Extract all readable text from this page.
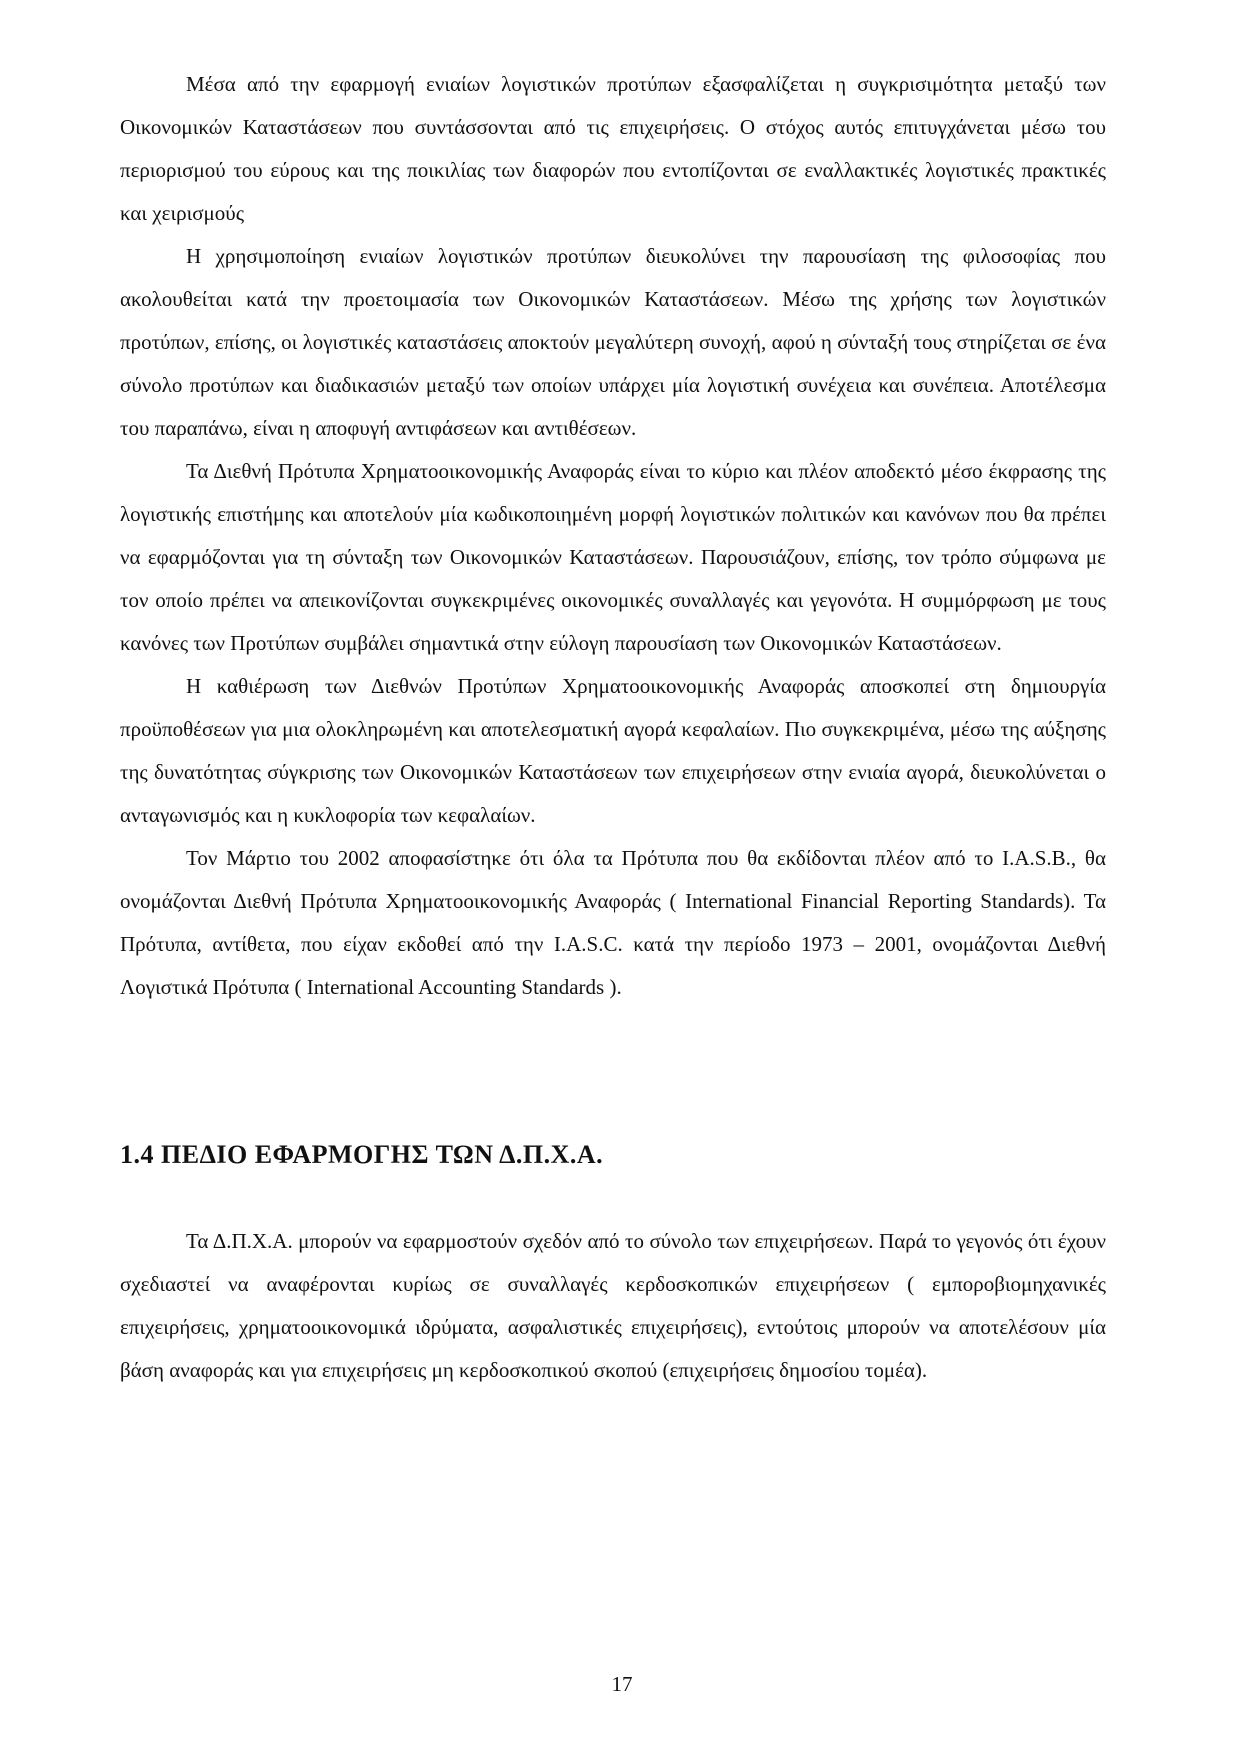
Μέσα από την εφαρμογή ενιαίων λογιστικών προτύπων εξασφαλίζεται η συγκρισιμότητα μεταξύ των Οικονομικών Καταστάσεων που συντάσσονται από τις επιχειρήσεις. Ο στόχος αυτός επιτυγχάνεται μέσω του περιορισμού του εύρους και της ποικιλίας των διαφορών που εντοπίζονται σε εναλλακτικές λογιστικές πρακτικές και χειρισμούς

Η χρησιμοποίηση ενιαίων λογιστικών προτύπων διευκολύνει την παρουσίαση της φιλοσοφίας που ακολουθείται κατά την προετοιμασία των Οικονομικών Καταστάσεων. Μέσω της χρήσης των λογιστικών προτύπων, επίσης, οι λογιστικές καταστάσεις αποκτούν μεγαλύτερη συνοχή, αφού η σύνταξή τους στηρίζεται σε ένα σύνολο προτύπων και διαδικασιών μεταξύ των οποίων υπάρχει μία λογιστική συνέχεια και συνέπεια. Αποτέλεσμα του παραπάνω, είναι η αποφυγή αντιφάσεων και αντιθέσεων.

Τα Διεθνή Πρότυπα Χρηματοοικονομικής Αναφοράς είναι το κύριο και πλέον αποδεκτό μέσο έκφρασης της λογιστικής επιστήμης και αποτελούν μία κωδικοποιημένη μορφή λογιστικών πολιτικών και κανόνων που θα πρέπει να εφαρμόζονται για τη σύνταξη των Οικονομικών Καταστάσεων. Παρουσιάζουν, επίσης, τον τρόπο σύμφωνα με τον οποίο πρέπει να απεικονίζονται συγκεκριμένες οικονομικές συναλλαγές και γεγονότα. Η συμμόρφωση με τους κανόνες των Προτύπων συμβάλει σημαντικά στην εύλογη παρουσίαση των Οικονομικών Καταστάσεων.

Η καθιέρωση των Διεθνών Προτύπων Χρηματοοικονομικής Αναφοράς αποσκοπεί στη δημιουργία προϋποθέσεων για μια ολοκληρωμένη και αποτελεσματική αγορά κεφαλαίων. Πιο συγκεκριμένα, μέσω της αύξησης της δυνατότητας σύγκρισης των Οικονομικών Καταστάσεων των επιχειρήσεων στην ενιαία αγορά, διευκολύνεται ο ανταγωνισμός και η κυκλοφορία των κεφαλαίων.

Τον Μάρτιο του 2002 αποφασίστηκε ότι όλα τα Πρότυπα που θα εκδίδονται πλέον από το I.A.S.B., θα ονομάζονται Διεθνή Πρότυπα Χρηματοοικονομικής Αναφοράς ( International Financial Reporting Standards). Τα Πρότυπα, αντίθετα, που είχαν εκδοθεί από την I.A.S.C. κατά την περίοδο 1973 – 2001, ονομάζονται Διεθνή Λογιστικά Πρότυπα ( International Accounting Standards ).

1.4 ΠΕΔΙΟ ΕΦΑΡΜΟΓΗΣ ΤΩΝ Δ.Π.Χ.Α.

Τα Δ.Π.Χ.Α. μπορούν να εφαρμοστούν σχεδόν από το σύνολο των επιχειρήσεων. Παρά το γεγονός ότι έχουν σχεδιαστεί να αναφέρονται κυρίως σε συναλλαγές κερδοσκοπικών επιχειρήσεων ( εμποροβιομηχανικές επιχειρήσεις, χρηματοοικονομικά ιδρύματα, ασφαλιστικές επιχειρήσεις), εντούτοις μπορούν να αποτελέσουν μία βάση αναφοράς και για επιχειρήσεις μη κερδοσκοπικού σκοπού (επιχειρήσεις δημοσίου τομέα).

17
